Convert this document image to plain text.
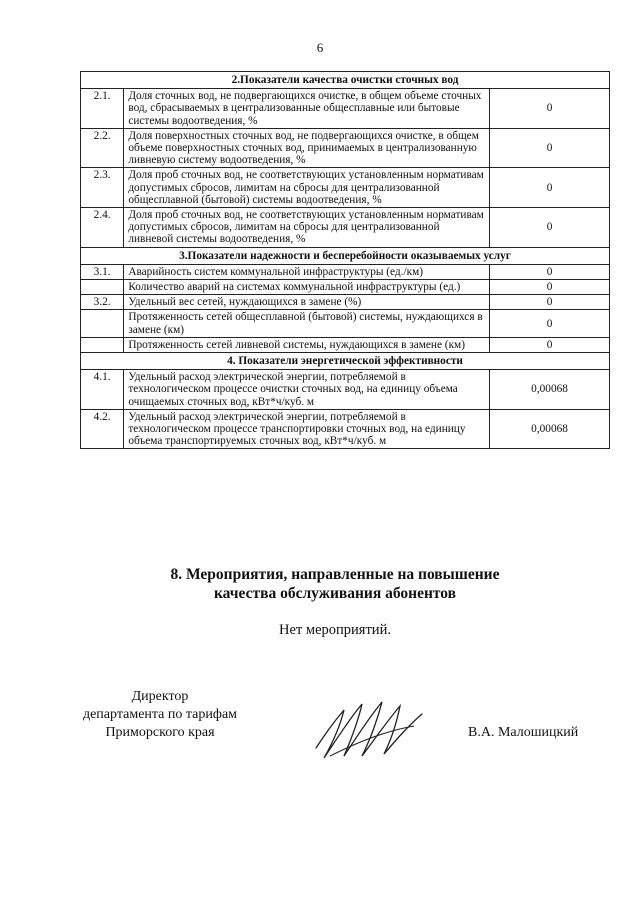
6
2.Показатели качества очистки сточных вод		
2.1.	Доля сточных вод, не подвергающихся очистке, в общем объеме сточных вод, сбрасываемых в централизованные общесплавные или бытовые системы водоотведения, %	0
2.2.	Доля поверхностных сточных вод, не подвергающихся очистке, в общем объеме поверхностных сточных вод, принимаемых в централизованную ливневую систему водоотведения, %	0
2.3.	Доля проб сточных вод, не соответствующих установленным нормативам допустимых сбросов, лимитам на сбросы для централизованной общесплавной (бытовой) системы водоотведения, %	0
2.4.	Доля проб сточных вод, не соответствующих установленным нормативам допустимых сбросов, лимитам на сбросы для централизованной ливневой системы водоотведения, %	0
3.Показатели надежности и бесперебойности оказываемых услуг		
3.1.	Аварийность систем коммунальной инфраструктуры (ед./км)	0
	Количество аварий на системах коммунальной инфраструктуры (ед.)	0
3.2.	Удельный вес сетей, нуждающихся в замене (%)	0
	Протяженность сетей общесплавной (бытовой) системы, нуждающихся в замене (км)	0
	Протяженность сетей ливневой системы, нуждающихся в замене (км)	0
4. Показатели энергетической эффективности		
4.1.	Удельный расход электрической энергии, потребляемой в технологическом процессе очистки сточных вод, на единицу объема очищаемых сточных вод, кВт*ч/куб. м	0,00068
4.2.	Удельный расход электрической энергии, потребляемой в технологическом процессе транспортировки сточных вод, на единицу объема транспортируемых сточных вод, кВт*ч/куб. м	0,00068
8. Мероприятия, направленные на повышение
качества обслуживания абонентов
Нет мероприятий.
Директор
департамента по тарифам
Приморского края	В.А. Малошицкий
